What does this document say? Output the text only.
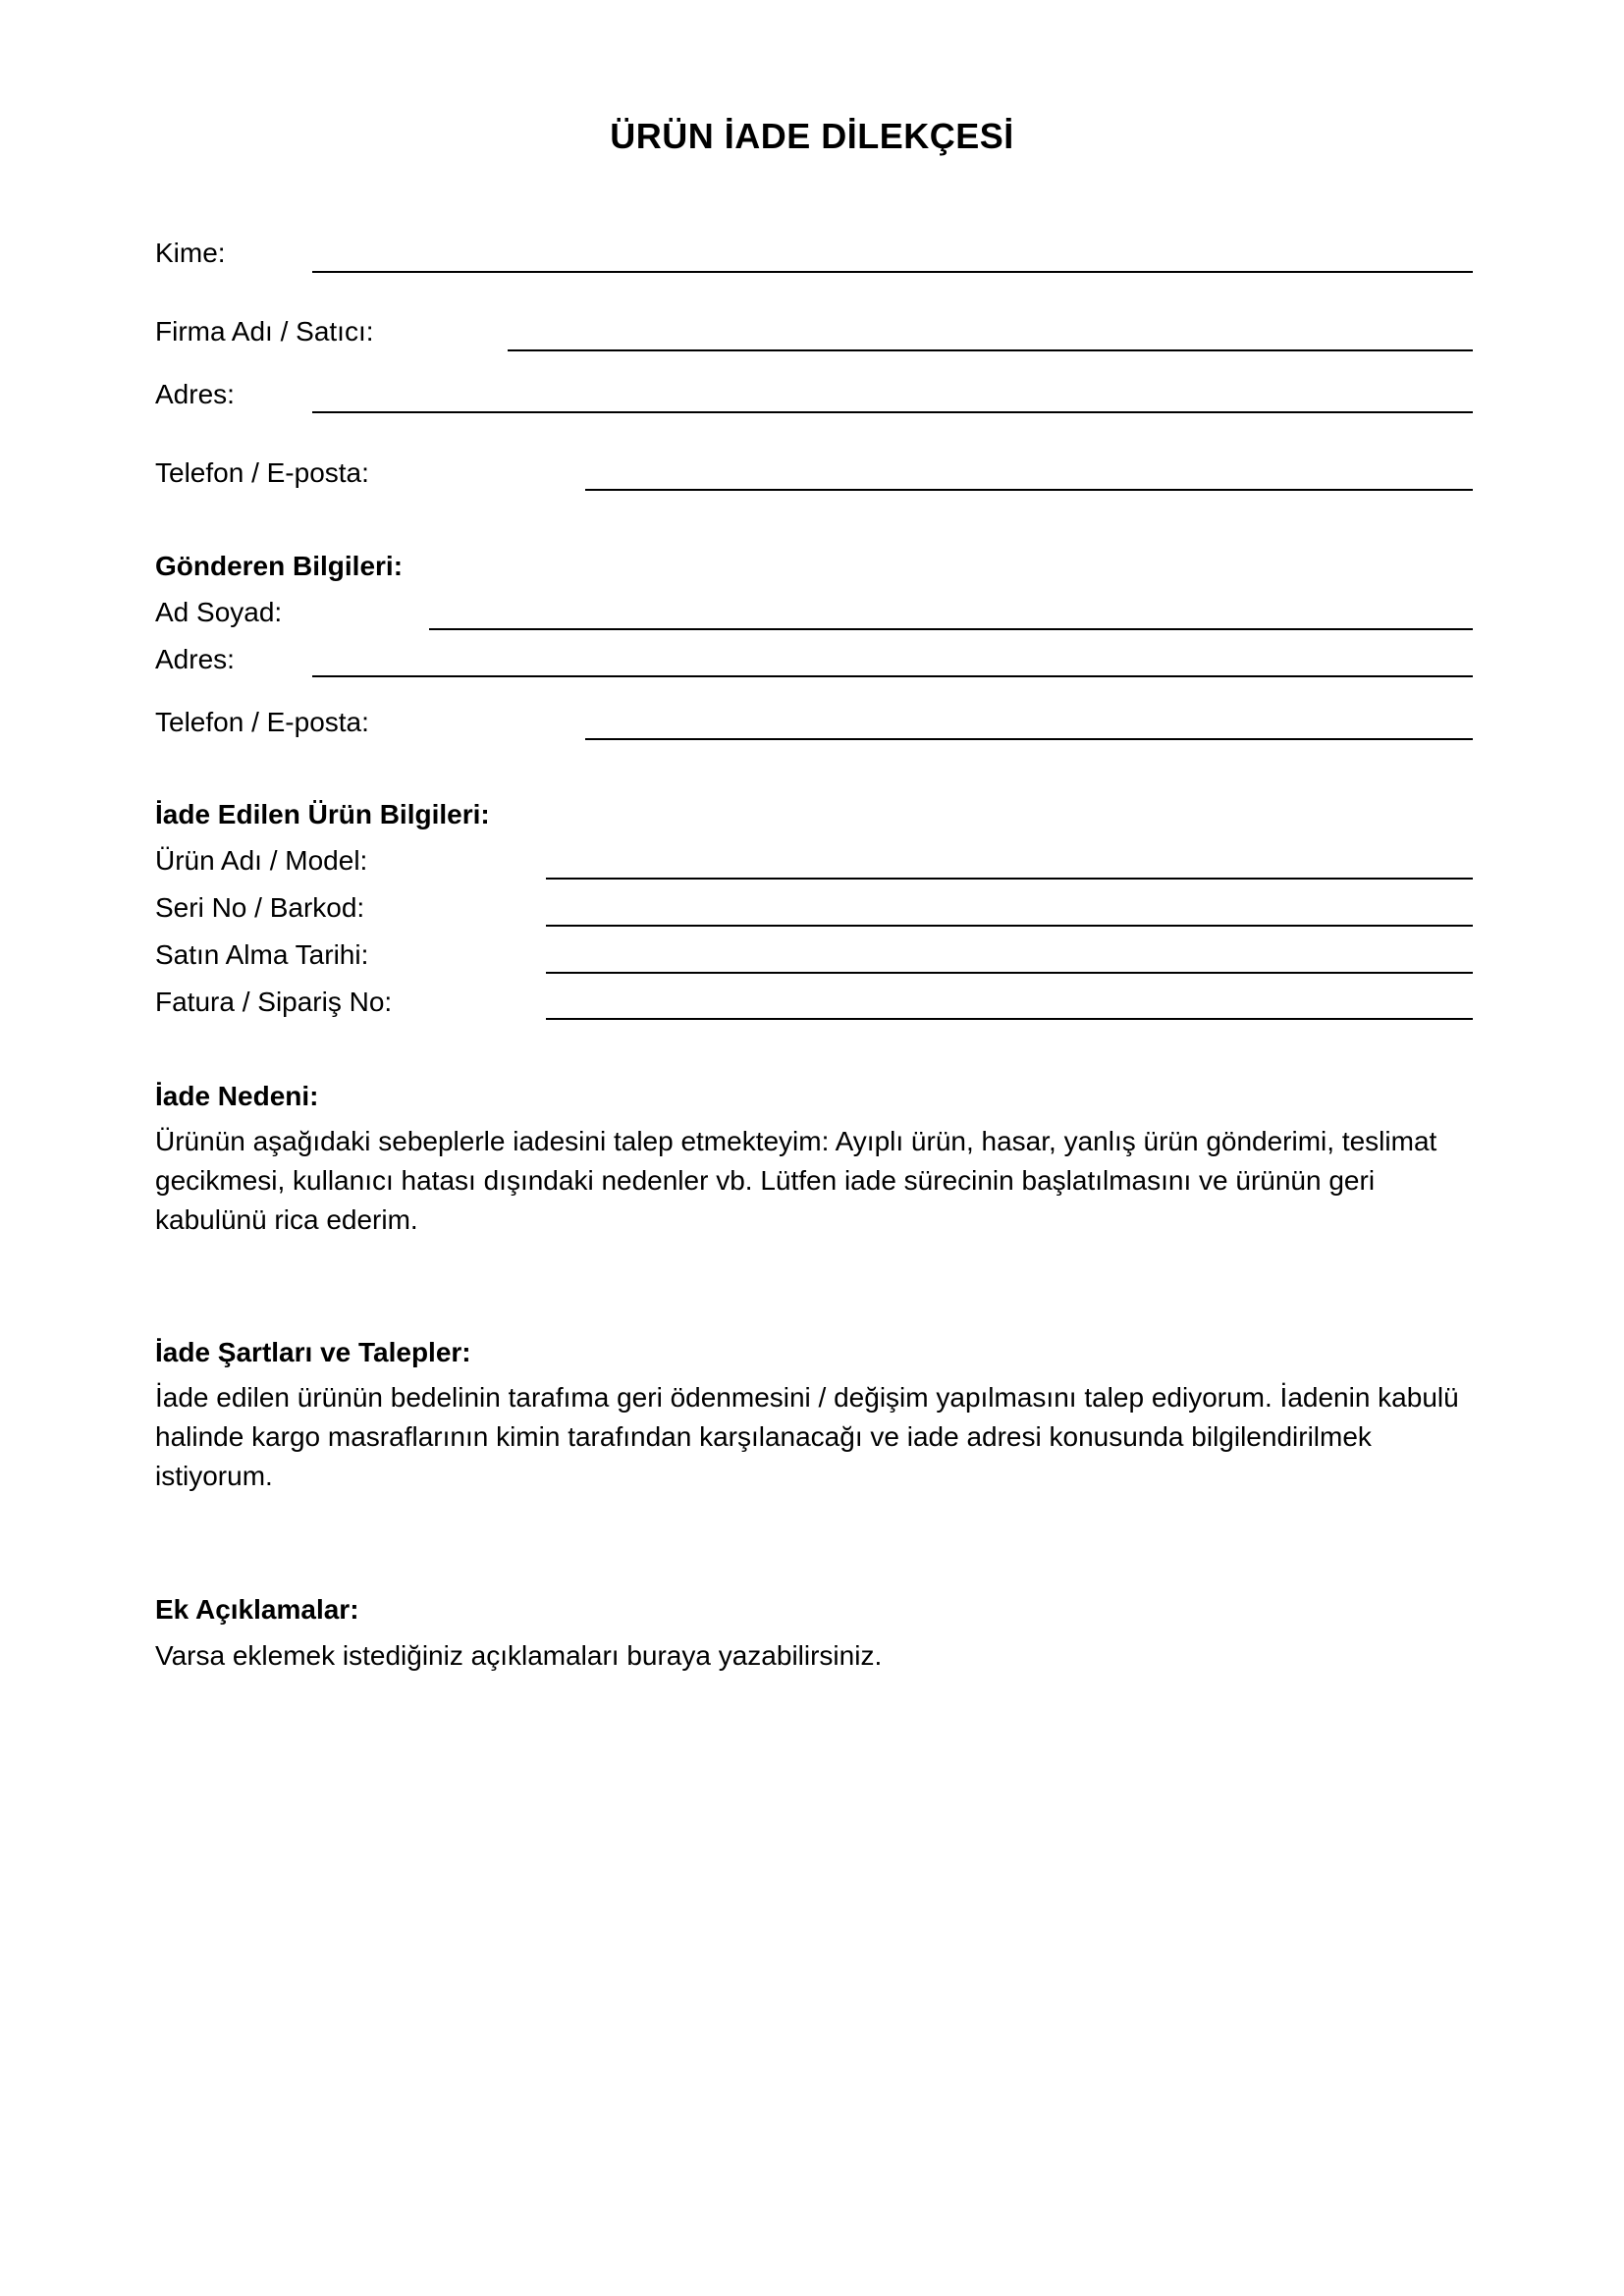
ÜRÜN İADE DİLEKÇESİ
Kime:
Firma Adı / Satıcı:
Adres:
Telefon / E-posta:
Gönderen Bilgileri:
Ad Soyad:
Adres:
Telefon / E-posta:
İade Edilen Ürün Bilgileri:
Ürün Adı / Model:
Seri No / Barkod:
Satın Alma Tarihi:
Fatura / Sipariş No:
İade Nedeni:
Ürünün aşağıdaki sebeplerle iadesini talep etmekteyim: Ayıplı ürün, hasar, yanlış ürün gönderimi, teslimat gecikmesi, kullanıcı hatası dışındaki nedenler vb. Lütfen iade sürecinin başlatılmasını ve ürünün geri kabulünü rica ederim.
İade Şartları ve Talepler:
İade edilen ürünün bedelinin tarafıma geri ödenmesini / değişim yapılmasını talep ediyorum. İadenin kabulü halinde kargo masraflarının kimin tarafından karşılanacağı ve iade adresi konusunda bilgilendirilmek istiyorum.
Ek Açıklamalar:
Varsa eklemek istediğiniz açıklamaları buraya yazabilirsiniz.
